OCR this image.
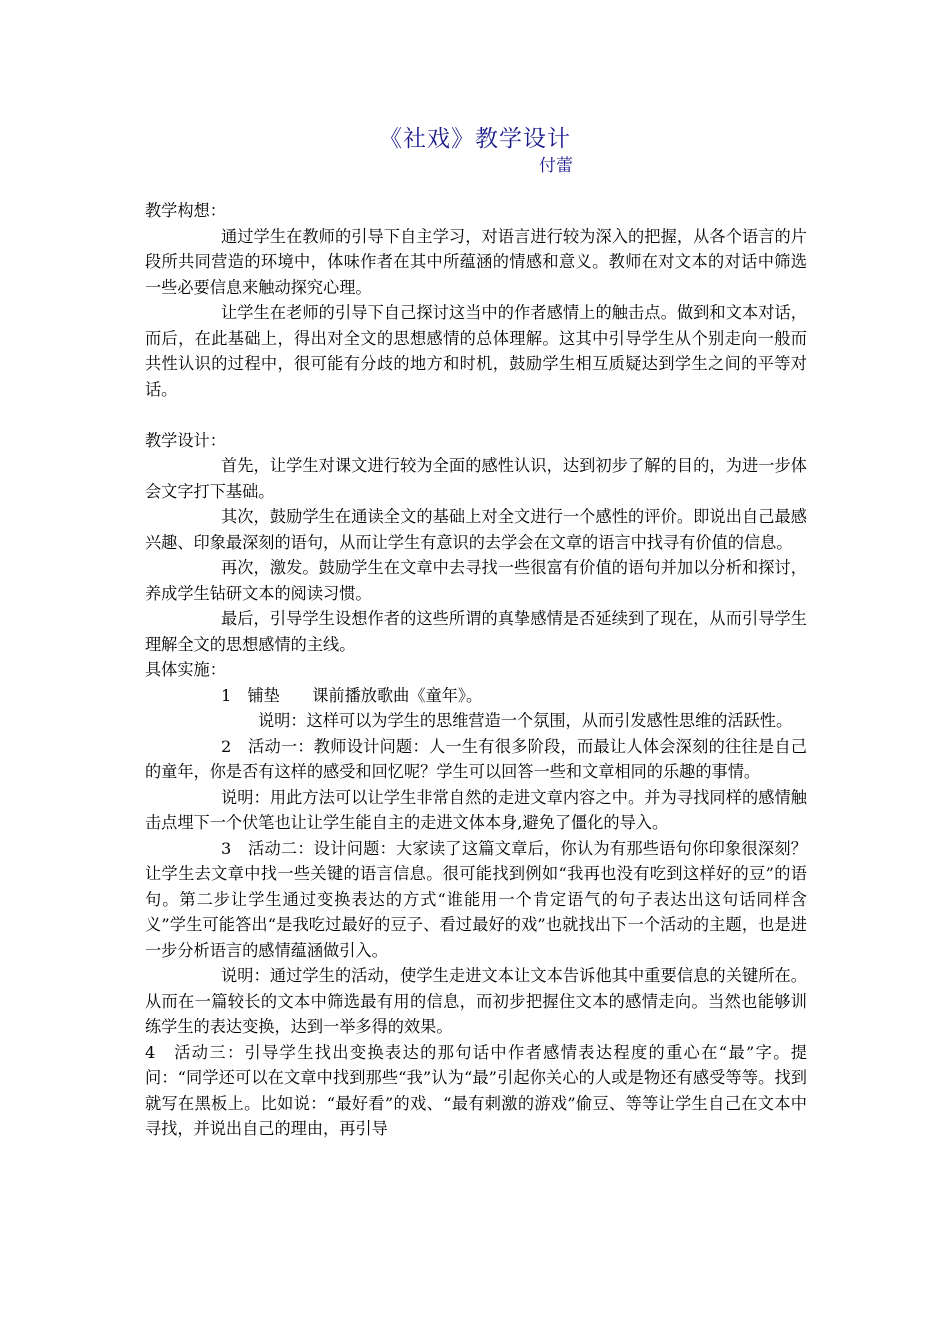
《社戏》教学设计
付蕾

教学构想：

通过学生在教师的引导下自主学习，对语言进行较为深入的把握，从各个语言的片段所共同营造的环境中，体味作者在其中所蕴涵的情感和意义。教师在对文本的对话中筛选一些必要信息来触动探究心理。

让学生在老师的引导下自己探讨这当中的作者感情上的触击点。做到和文本对话，而后，在此基础上，得出对全文的思想感情的总体理解。这其中引导学生从个别走向一般而共性认识的过程中，很可能有分歧的地方和时机，鼓励学生相互质疑达到学生之间的平等对话。

教学设计：

首先，让学生对课文进行较为全面的感性认识，达到初步了解的目的，为进一步体会文字打下基础。

其次，鼓励学生在通读全文的基础上对全文进行一个感性的评价。即说出自己最感兴趣、印象最深刻的语句，从而让学生有意识的去学会在文章的语言中找寻有价值的信息。

再次，激发。鼓励学生在文章中去寻找一些很富有价值的语句并加以分析和探讨，养成学生钻研文本的阅读习惯。

最后，引导学生设想作者的这些所谓的真挚感情是否延续到了现在，从而引导学生理解全文的思想感情的主线。

具体实施：

1　铺垫　　课前播放歌曲《童年》。

说明：这样可以为学生的思维营造一个氛围，从而引发感性思维的活跃性。

2　活动一：教师设计问题：人一生有很多阶段，而最让人体会深刻的往往是自己的童年，你是否有这样的感受和回忆呢？学生可以回答一些和文章相同的乐趣的事情。

说明：用此方法可以让学生非常自然的走进文章内容之中。并为寻找同样的感情触击点埋下一个伏笔也让让学生能自主的走进文体本身,避免了僵化的导入。

3　活动二：设计问题：大家读了这篇文章后，你认为有那些语句你印象很深刻？让学生去文章中找一些关键的语言信息。很可能找到例如“我再也没有吃到这样好的豆”的语句。第二步让学生通过变换表达的方式“谁能用一个肯定语气的句子表达出这句话同样含义”学生可能答出“是我吃过最好的豆子、看过最好的戏”也就找出下一个活动的主题，也是进一步分析语言的感情蕴涵做引入。

说明：通过学生的活动，使学生走进文本让文本告诉他其中重要信息的关键所在。从而在一篇较长的文本中筛选最有用的信息，而初步把握住文本的感情走向。当然也能够训练学生的表达变换，达到一举多得的效果。

4　活动三：引导学生找出变换表达的那句话中作者感情表达程度的重心在“最”字。提问：“同学还可以在文章中找到那些“我”认为“最”引起你关心的人或是物还有感受等等。找到就写在黑板上。比如说：“最好看”的戏、“最有刺激的游戏”偷豆、等等让学生自己在文本中寻找，并说出自己的理由，再引导
